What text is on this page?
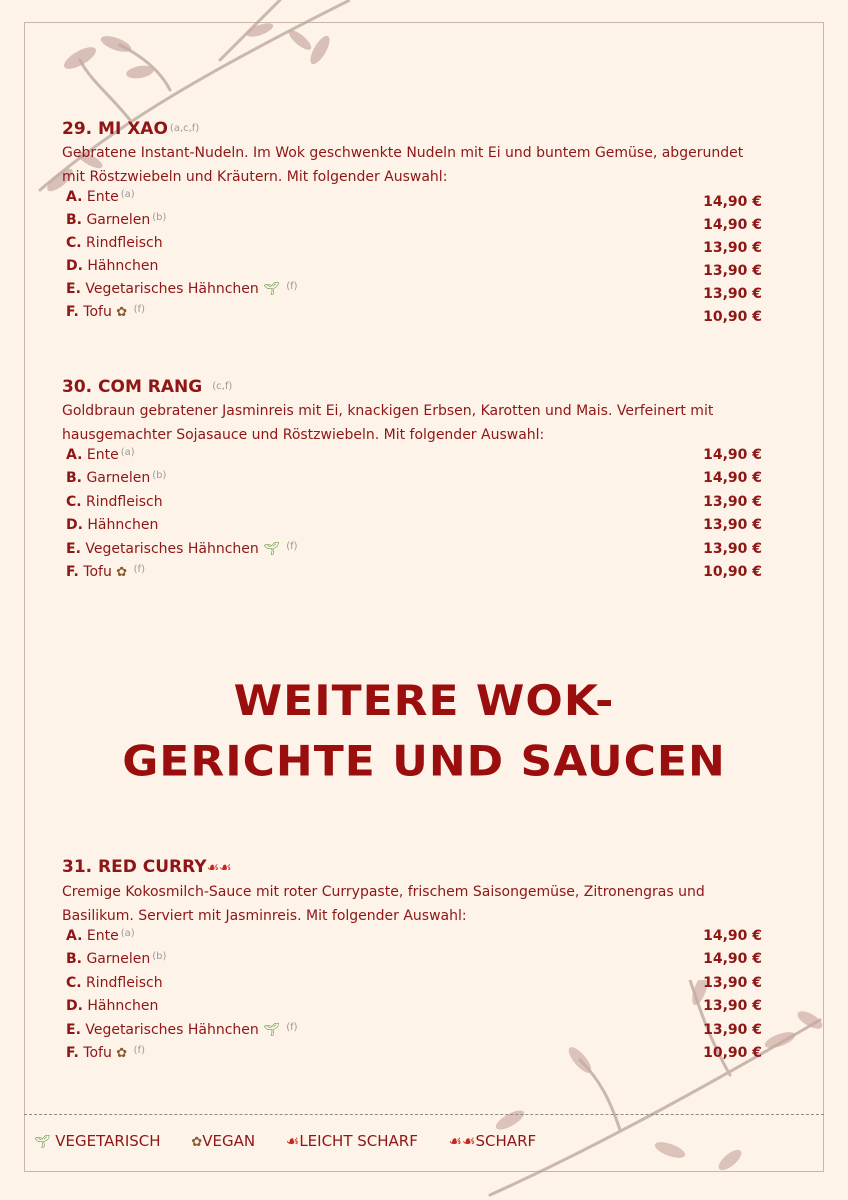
29. MI XAO $^{(a,c,f)}$

Gebratene Instant-Nudeln. Im Wok geschwenkte Nudeln mit Ei und buntem Gemüse, abgerundet mit Röstzwiebeln und Kräutern. Mit folgender Auswahl:

A. Ente $^{(a)}$
B. Garnelen $^{(b)}$
C. Rindfleisch
D. Hähnchen
E. Vegetarisches Hähnchen 🌱︎ $^{(f)}$
F. Tofu ✿ $^{(f)}$
14,90 €
14,90 €
13,90 €
13,90 €
13,90 €
10,90 €
30. COM RANG $^{(c,f)}$

Goldbraun gebratener Jasminreis mit Ei, knackigen Erbsen, Karotten und Mais. Verfeinert mit hausgemachter Sojasauce und Röstzwiebeln. Mit folgender Auswahl:

A. Ente $^{(a)}$
B. Garnelen $^{(b)}$
C. Rindfleisch
D. Hähnchen
E. Vegetarisches Hähnchen 🌱︎ $^{(f)}$
F. Tofu ✿ $^{(f)}$
14,90 €
14,90 €
13,90 €
13,90 €
13,90 €
10,90 €
WEITERE WOK-
GERICHTE UND SAUCEN
31. RED CURRY☙☙

Cremige Kokosmilch-Sauce mit roter Currypaste, frischem Saisongemüse, Zitronengras und Basilikum. Serviert mit Jasminreis. Mit folgender Auswahl:

A. Ente $^{(a)}$
B. Garnelen $^{(b)}$
C. Rindfleisch
D. Hähnchen
E. Vegetarisches Hähnchen 🌱︎ $^{(f)}$
F. Tofu ✿ $^{(f)}$
14,90 €
14,90 €
13,90 €
13,90 €
13,90 €
10,90 €
🌱︎ VEGETARISCH ✿VEGAN ☙LEICHT SCHARF ☙☙SCHARF
